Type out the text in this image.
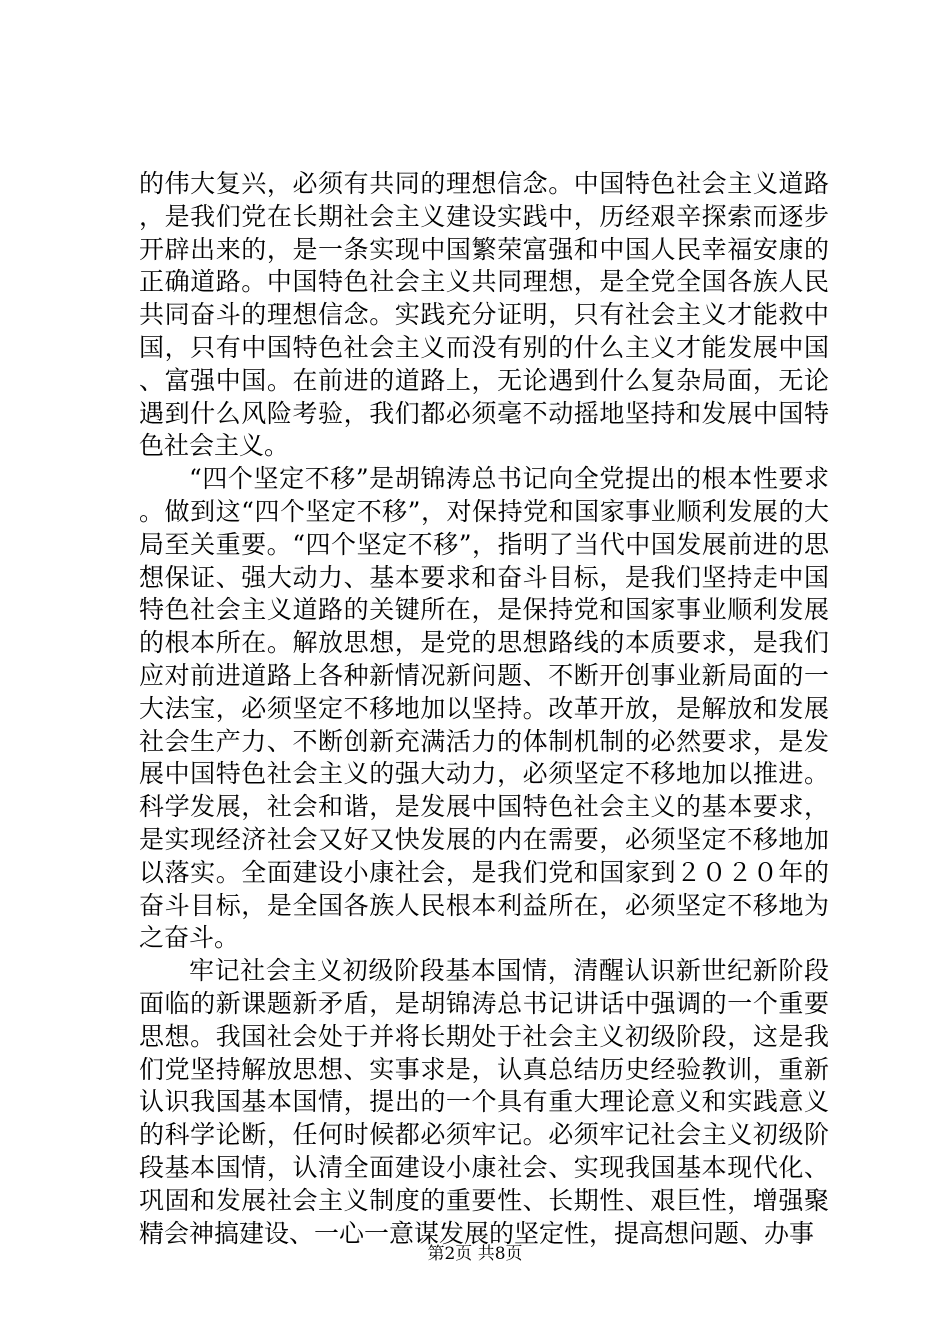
的伟大复兴，必须有共同的理想信念。中国特色社会主义道路，是我们党在长期社会主义建设实践中，历经艰辛探索而逐步开辟出来的，是一条实现中国繁荣富强和中国人民幸福安康的正确道路。中国特色社会主义共同理想，是全党全国各族人民共同奋斗的理想信念。实践充分证明，只有社会主义才能救中国，只有中国特色社会主义而没有别的什么主义才能发展中国、富强中国。在前进的道路上，无论遇到什么复杂局面，无论遇到什么风险考验，我们都必须毫不动摇地坚持和发展中国特色社会主义。

“四个坚定不移”是胡锦涛总书记向全党提出的根本性要求。做到这“四个坚定不移”，对保持党和国家事业顺利发展的大局至关重要。“四个坚定不移”，指明了当代中国发展前进的思想保证、强大动力、基本要求和奋斗目标，是我们坚持走中国特色社会主义道路的关键所在，是保持党和国家事业顺利发展的根本所在。解放思想，是党的思想路线的本质要求，是我们应对前进道路上各种新情况新问题、不断开创事业新局面的一大法宝，必须坚定不移地加以坚持。改革开放，是解放和发展社会生产力、不断创新充满活力的体制机制的必然要求，是发展中国特色社会主义的强大动力，必须坚定不移地加以推进。科学发展，社会和谐，是发展中国特色社会主义的基本要求，是实现经济社会又好又快发展的内在需要，必须坚定不移地加以落实。全面建设小康社会，是我们党和国家到２０２０年的奋斗目标，是全国各族人民根本利益所在，必须坚定不移地为之奋斗。

牢记社会主义初级阶段基本国情，清醒认识新世纪新阶段面临的新课题新矛盾，是胡锦涛总书记讲话中强调的一个重要思想。我国社会处于并将长期处于社会主义初级阶段，这是我们党坚持解放思想、实事求是，认真总结历史经验教训，重新认识我国基本国情，提出的一个具有重大理论意义和实践意义的科学论断，任何时候都必须牢记。必须牢记社会主义初级阶段基本国情，认清全面建设小康社会、实现我国基本现代化、巩固和发展社会主义制度的重要性、长期性、艰巨性，增强聚精会神搞建设、一心一意谋发展的坚定性，提高想问题、办事

第2页 共8页
